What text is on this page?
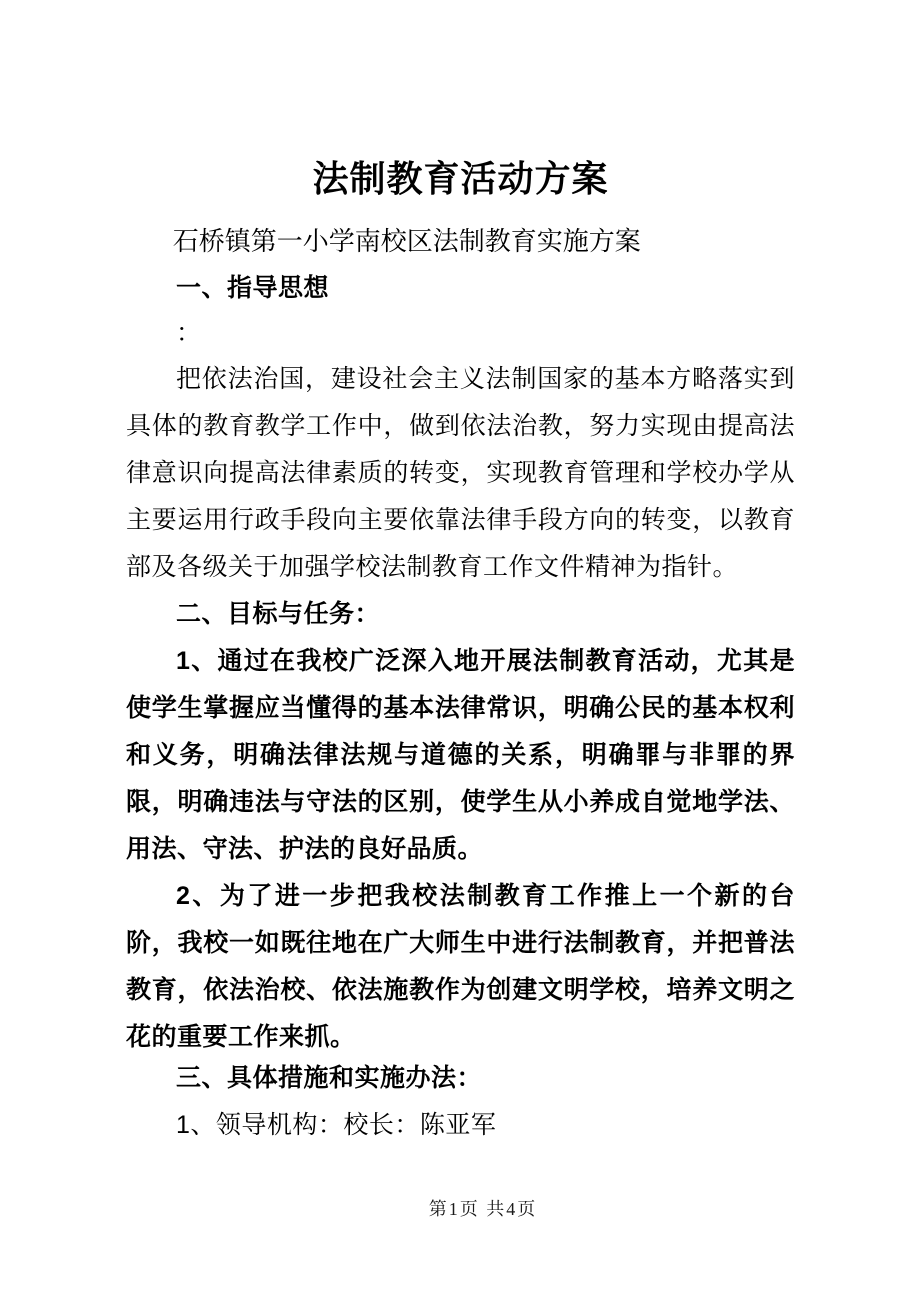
法制教育活动方案

石桥镇第一小学南校区法制教育实施方案

一、指导思想

：

把依法治国，建设社会主义法制国家的基本方略落实到具体的教育教学工作中，做到依法治教，努力实现由提高法律意识向提高法律素质的转变，实现教育管理和学校办学从主要运用行政手段向主要依靠法律手段方向的转变，以教育部及各级关于加强学校法制教育工作文件精神为指针。

二、目标与任务：

1、通过在我校广泛深入地开展法制教育活动，尤其是使学生掌握应当懂得的基本法律常识，明确公民的基本权利和义务，明确法律法规与道德的关系，明确罪与非罪的界限，明确违法与守法的区别，使学生从小养成自觉地学法、用法、守法、护法的良好品质。

2、为了进一步把我校法制教育工作推上一个新的台阶，我校一如既往地在广大师生中进行法制教育，并把普法教育，依法治校、依法施教作为创建文明学校，培养文明之花的重要工作来抓。

三、具体措施和实施办法：

1、领导机构：校长：陈亚军

第1页 共4页
